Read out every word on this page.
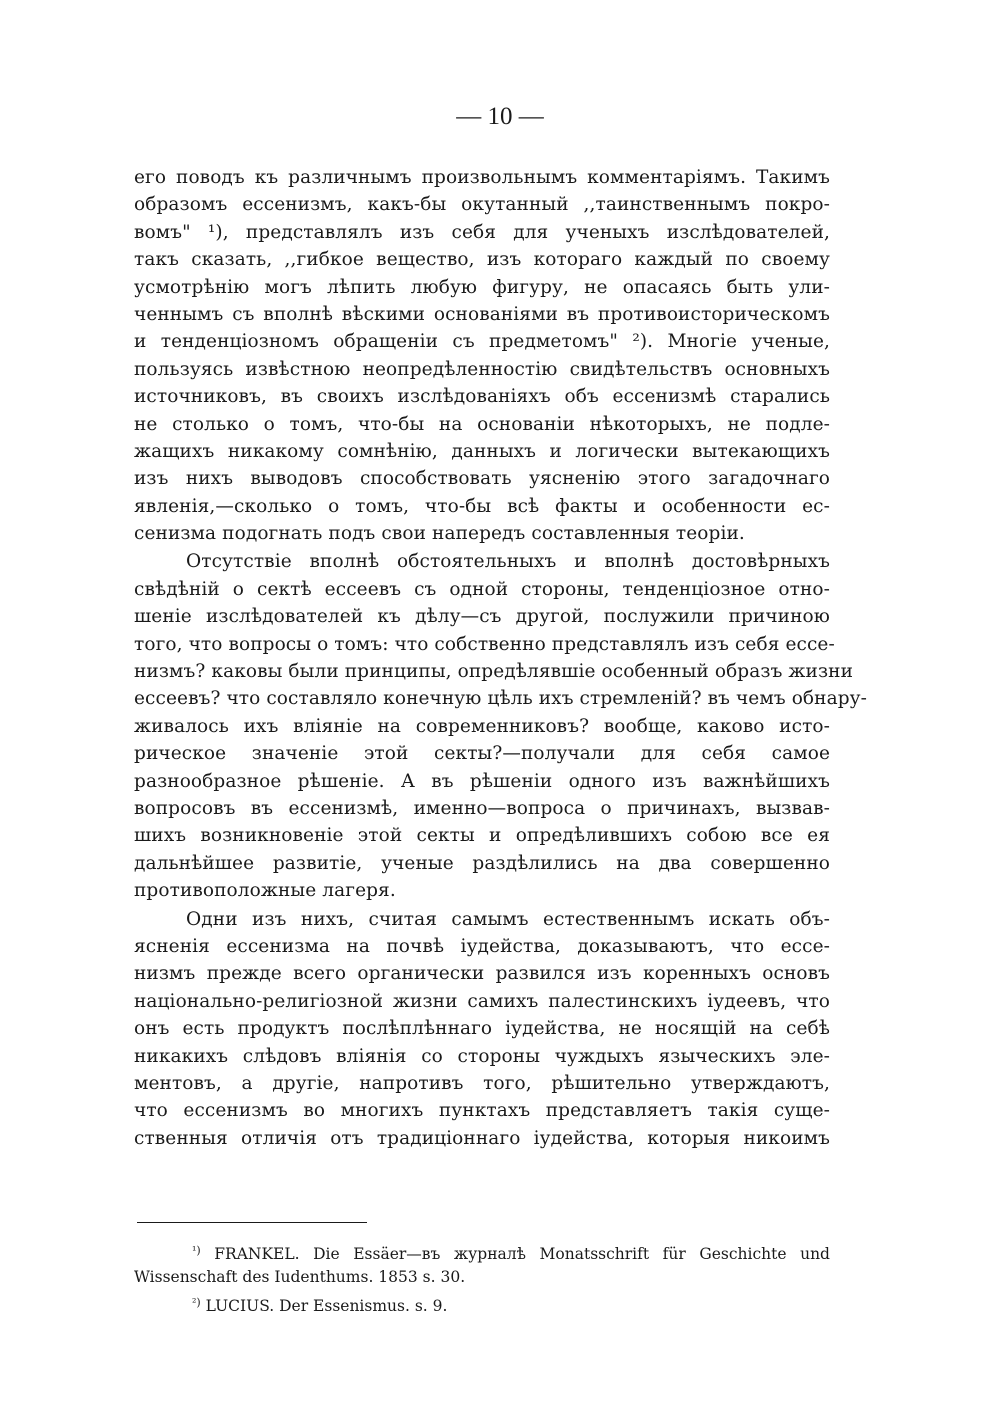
— 10 —
его поводъ къ различнымъ произвольнымъ комментаріямъ. Такимъ
образомъ ессенизмъ, какъ-бы окутанный ,,таинственнымъ покро-
вомъ" ¹), представлялъ изъ себя для ученыхъ изслѣдователей,
такъ сказать, ,,гибкое вещество, изъ котораго каждый по своему
усмотрѣнію могъ лѣпить любую фигуру, не опасаясь быть ули-
ченнымъ съ вполнѣ вѣскими основаніями въ противоисторическомъ
и тенденціозномъ обращеніи съ предметомъ" ²). Многіе ученые,
пользуясь извѣстною неопредѣленностію свидѣтельствъ основныхъ
источниковъ, въ своихъ изслѣдованіяхъ объ ессенизмѣ старались
не столько о томъ, что-бы на основаніи нѣкоторыхъ, не подле-
жащихъ никакому сомнѣнію, данныхъ и логически вытекающихъ
изъ нихъ выводовъ способствовать уясненію этого загадочнаго
явленія,—сколько о томъ, что-бы всѣ факты и особенности ес-
сенизма подогнать подъ свои напередъ составленныя теоріи.
Отсутствіе вполнѣ обстоятельныхъ и вполнѣ достовѣрныхъ
свѣдѣній о сектѣ ессеевъ съ одной стороны, тенденціозное отно-
шеніе изслѣдователей къ дѣлу—съ другой, послужили причиною
того, что вопросы о томъ: что собственно представлялъ изъ себя ессе-
низмъ? каковы были принципы, опредѣлявшіе особенный образъ жизни
ессеевъ? что составляло конечную цѣль ихъ стремленій? въ чемъ обнару-
живалось ихъ вліяніе на современниковъ? вообще, каково исто-
рическое значеніе этой секты?—получали для себя самое
разнообразное рѣшеніе. А въ рѣшеніи одного изъ важнѣйшихъ
вопросовъ въ ессенизмѣ, именно—вопроса о причинахъ, вызвав-
шихъ возникновеніе этой секты и опредѣлившихъ собою все ея
дальнѣйшее развитіе, ученые раздѣлились на два совершенно
противоположные лагеря.
Одни изъ нихъ, считая самымъ естественнымъ искать объ-
ясненія ессенизма на почвѣ іудейства, доказываютъ, что ессе-
низмъ прежде всего органически развился изъ коренныхъ основъ
національно-религіозной жизни самихъ палестинскихъ іудеевъ, что
онъ есть продуктъ послѣплѣннаго іудейства, не носящій на себѣ
никакихъ слѣдовъ вліянія со стороны чуждыхъ языческихъ эле-
ментовъ, а другіе, напротивъ того, рѣшительно утверждаютъ,
что ессенизмъ во многихъ пунктахъ представляетъ такія суще-
ственныя отличія отъ традиціоннаго іудейства, которыя никоимъ
$^{^1)}$ FRANKEL. Die Essäer—въ журналѣ Monatsschrift für Geschichte und
Wissenschaft des Iudenthums. 1853 s. 30.
$^{^2)}$ LUCIUS. Der Essenismus. s. 9.
